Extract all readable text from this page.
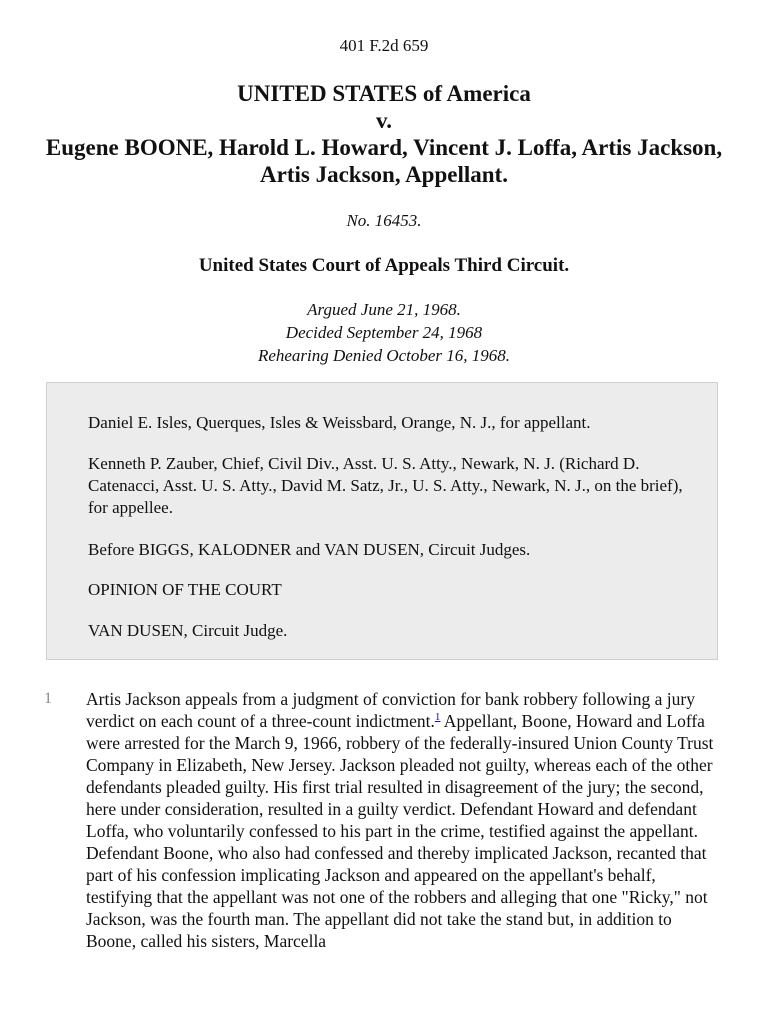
401 F.2d 659
UNITED STATES of America
v.
Eugene BOONE, Harold L. Howard, Vincent J. Loffa, Artis Jackson, Artis Jackson, Appellant.
No. 16453.
United States Court of Appeals Third Circuit.
Argued June 21, 1968.
Decided September 24, 1968
Rehearing Denied October 16, 1968.

Daniel E. Isles, Querques, Isles & Weissbard, Orange, N. J., for appellant.

Kenneth P. Zauber, Chief, Civil Div., Asst. U. S. Atty., Newark, N. J. (Richard D. Catenacci, Asst. U. S. Atty., David M. Satz, Jr., U. S. Atty., Newark, N. J., on the brief), for appellee.

Before BIGGS, KALODNER and VAN DUSEN, Circuit Judges.

OPINION OF THE COURT

VAN DUSEN, Circuit Judge.

1 Artis Jackson appeals from a judgment of conviction for bank robbery following a jury verdict on each count of a three-count indictment.$^1$ Appellant, Boone, Howard and Loffa were arrested for the March 9, 1966, robbery of the federally-insured Union County Trust Company in Elizabeth, New Jersey. Jackson pleaded not guilty, whereas each of the other defendants pleaded guilty. His first trial resulted in disagreement of the jury; the second, here under consideration, resulted in a guilty verdict. Defendant Howard and defendant Loffa, who voluntarily confessed to his part in the crime, testified against the appellant. Defendant Boone, who also had confessed and thereby implicated Jackson, recanted that part of his confession implicating Jackson and appeared on the appellant's behalf, testifying that the appellant was not one of the robbers and alleging that one "Ricky," not Jackson, was the fourth man. The appellant did not take the stand but, in addition to Boone, called his sisters, Marcella
